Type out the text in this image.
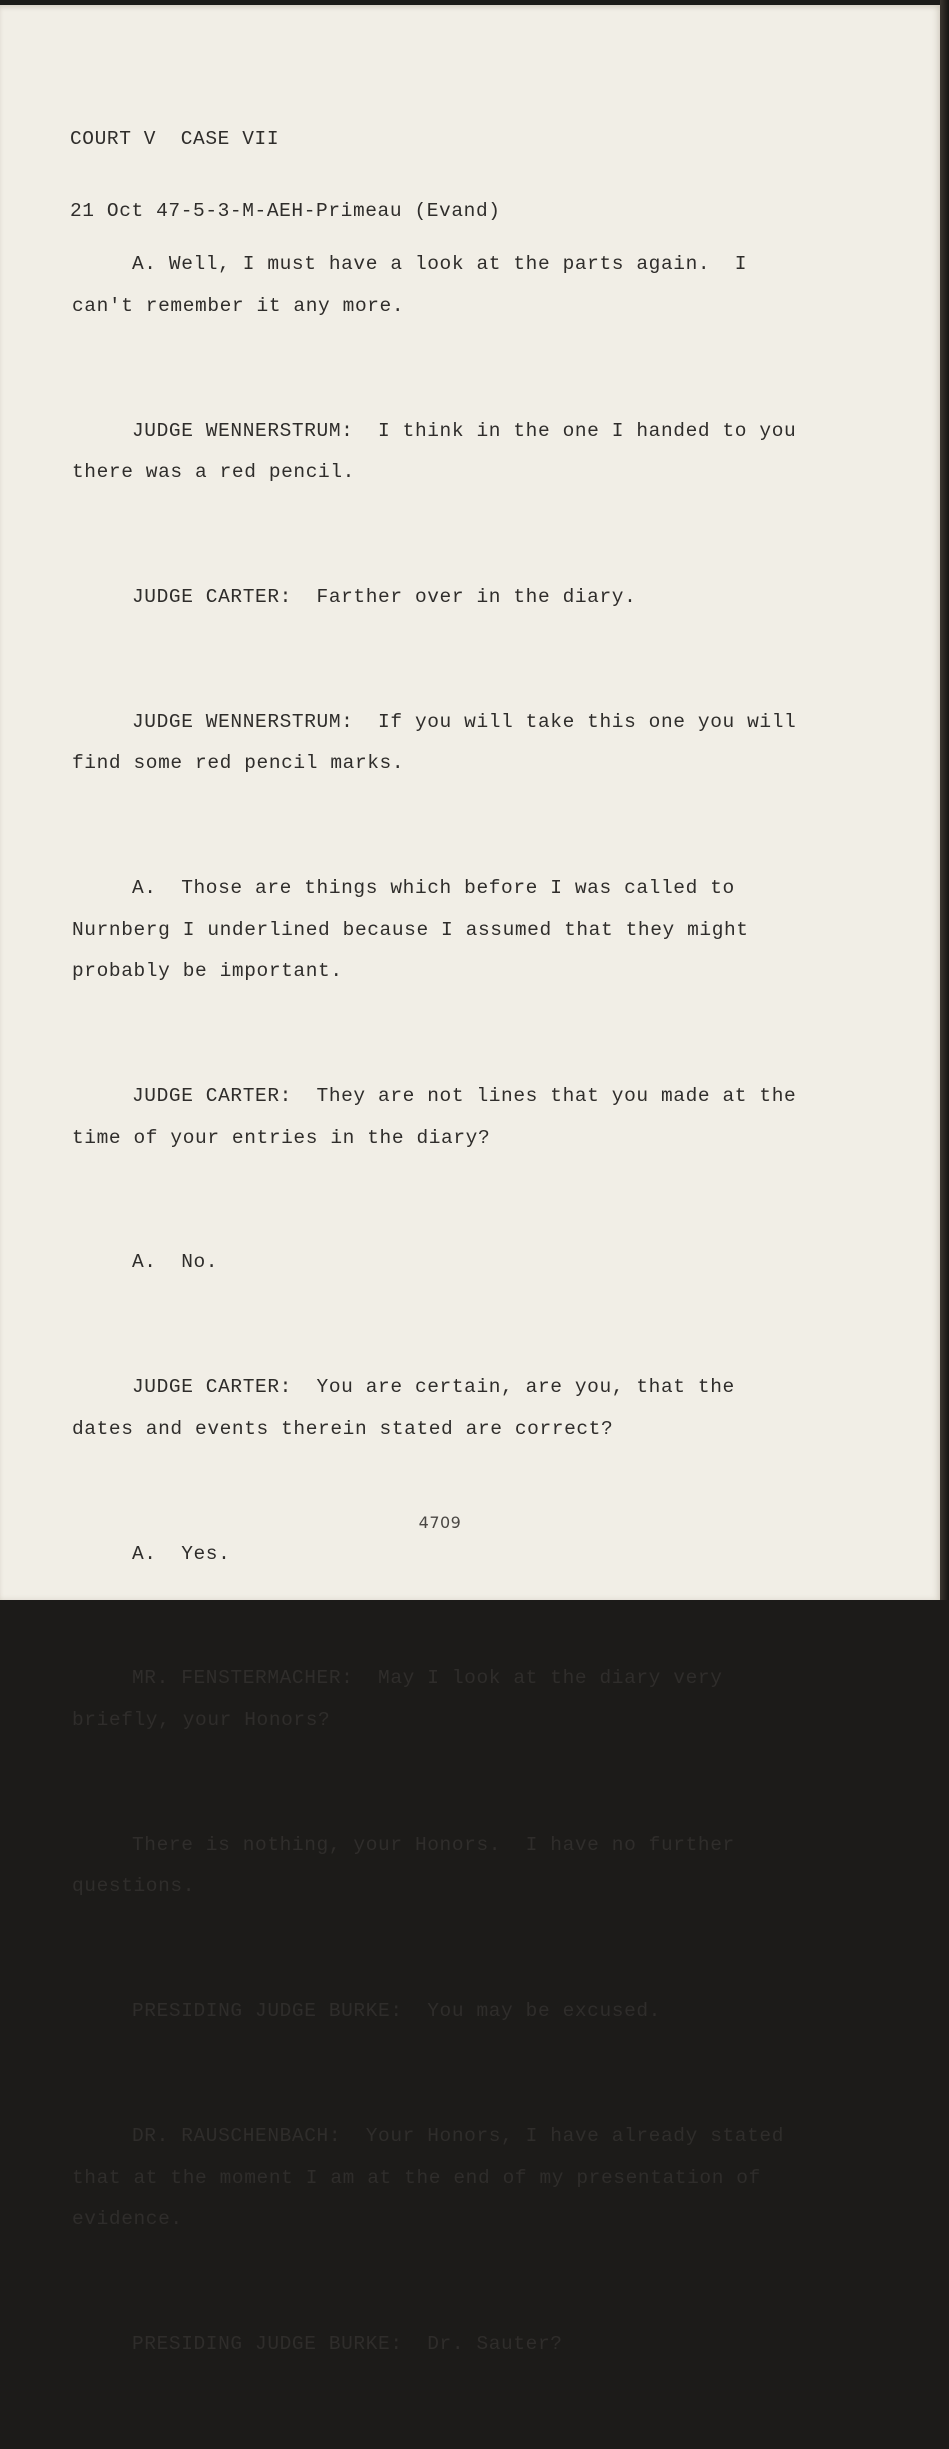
COURT V  CASE VII

21 Oct 47-5-3-M-AEH-Primeau (Evand)

A. Well, I must have a look at the parts again.  I
can't remember it any more.

JUDGE WENNERSTRUM:  I think in the one I handed to you
there was a red pencil.

JUDGE CARTER:  Farther over in the diary.

JUDGE WENNERSTRUM:  If you will take this one you will
find some red pencil marks.

A.  Those are things which before I was called to
Nurnberg I underlined because I assumed that they might
probably be important.

JUDGE CARTER:  They are not lines that you made at the
time of your entries in the diary?

A.  No.

JUDGE CARTER:  You are certain, are you, that the
dates and events therein stated are correct?

A.  Yes.

MR. FENSTERMACHER:  May I look at the diary very
briefly, your Honors?

There is nothing, your Honors.  I have no further
questions.

PRESIDING JUDGE BURKE:  You may be excused.

DR. RAUSCHENBACH:  Your Honors, I have already stated
that at the moment I am at the end of my presentation of
evidence.

PRESIDING JUDGE BURKE:  Dr. Sauter?

4709
